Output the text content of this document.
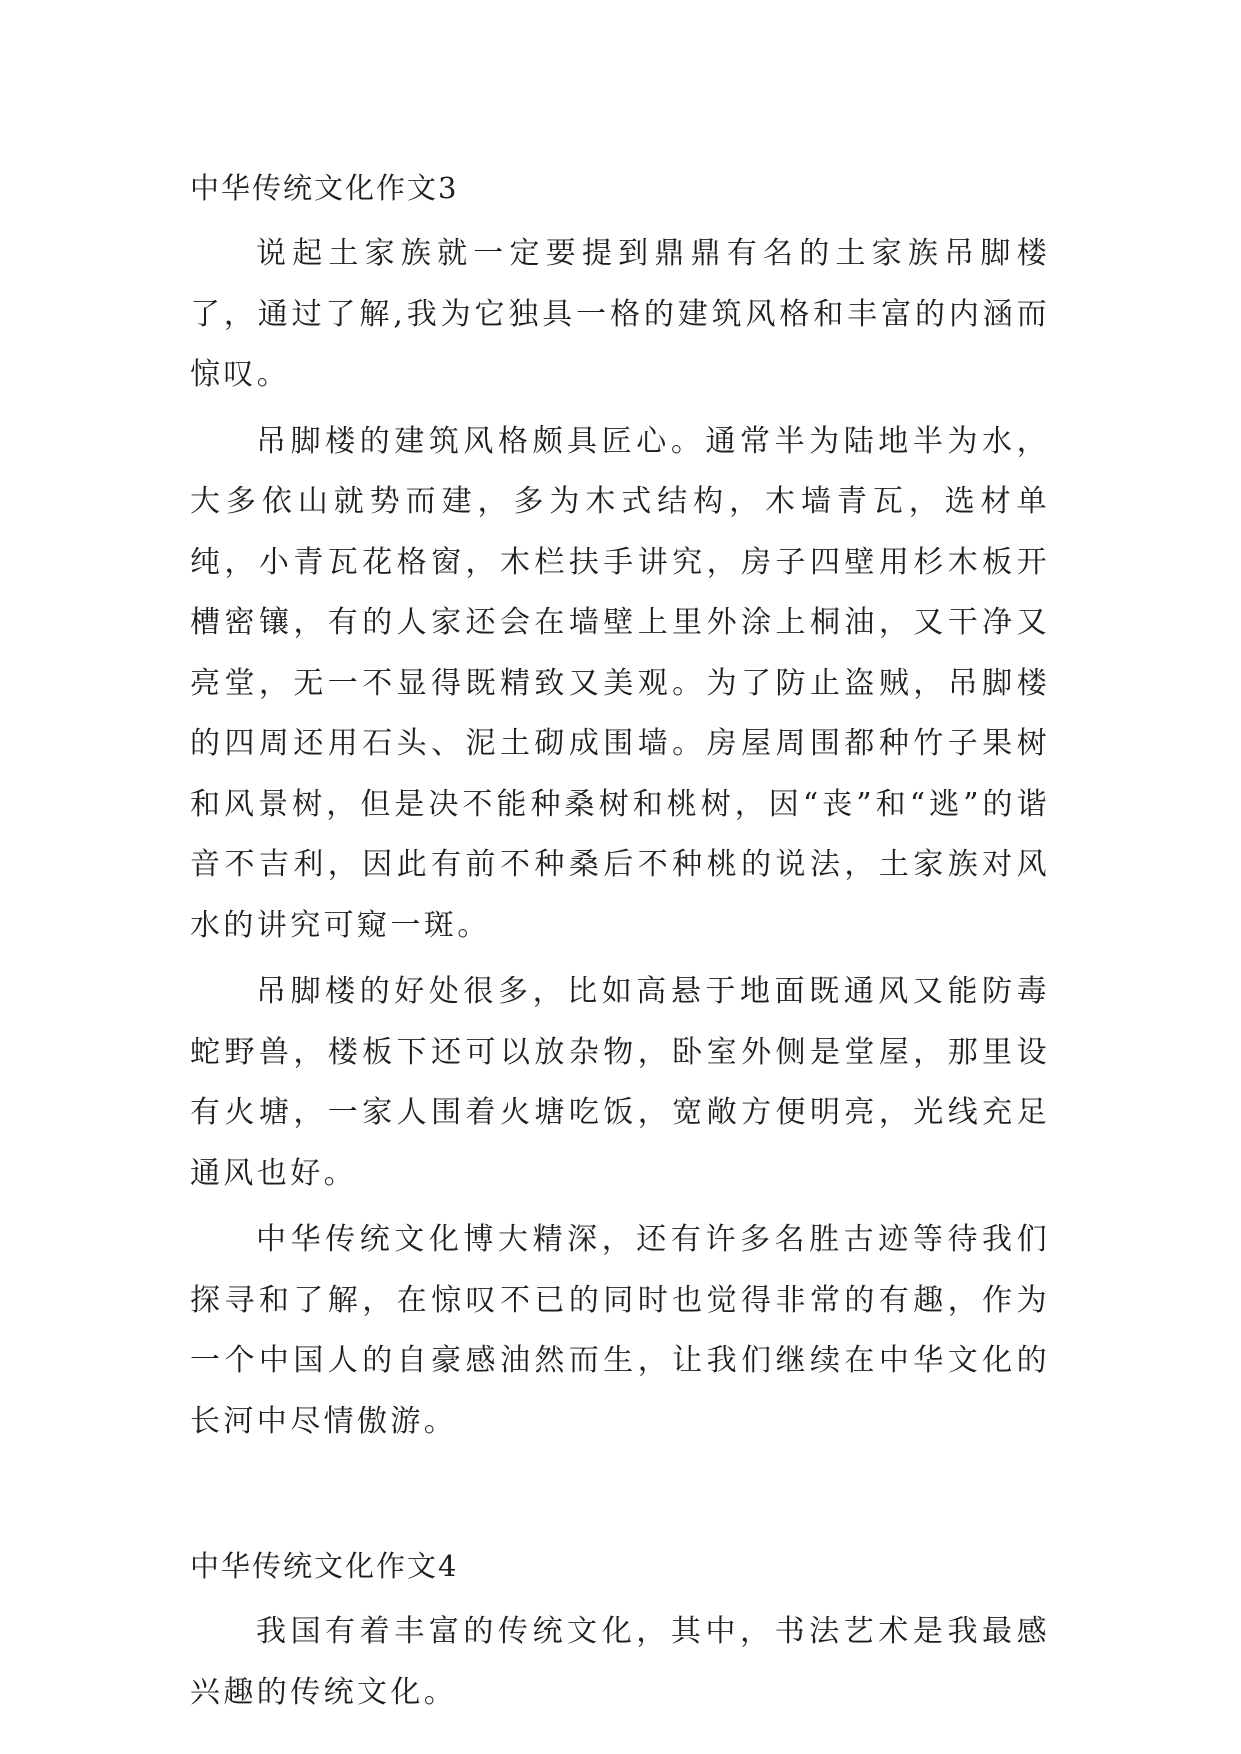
中华传统文化作文3

说起土家族就一定要提到鼎鼎有名的土家族吊脚楼了，通过了解,我为它独具一格的建筑风格和丰富的内涵而惊叹。

吊脚楼的建筑风格颇具匠心。通常半为陆地半为水，大多依山就势而建，多为木式结构，木墙青瓦，选材单纯，小青瓦花格窗，木栏扶手讲究，房子四壁用杉木板开槽密镶，有的人家还会在墙壁上里外涂上桐油，又干净又亮堂，无一不显得既精致又美观。为了防止盗贼，吊脚楼的四周还用石头、泥土砌成围墙。房屋周围都种竹子果树和风景树，但是决不能种桑树和桃树，因“丧”和“逃”的谐音不吉利，因此有前不种桑后不种桃的说法，土家族对风水的讲究可窥一斑。

吊脚楼的好处很多，比如高悬于地面既通风又能防毒蛇野兽，楼板下还可以放杂物，卧室外侧是堂屋，那里设有火塘，一家人围着火塘吃饭，宽敞方便明亮，光线充足通风也好。

中华传统文化博大精深，还有许多名胜古迹等待我们探寻和了解，在惊叹不已的同时也觉得非常的有趣，作为一个中国人的自豪感油然而生，让我们继续在中华文化的长河中尽情傲游。

中华传统文化作文4

我国有着丰富的传统文化，其中，书法艺术是我最感兴趣的传统文化。
